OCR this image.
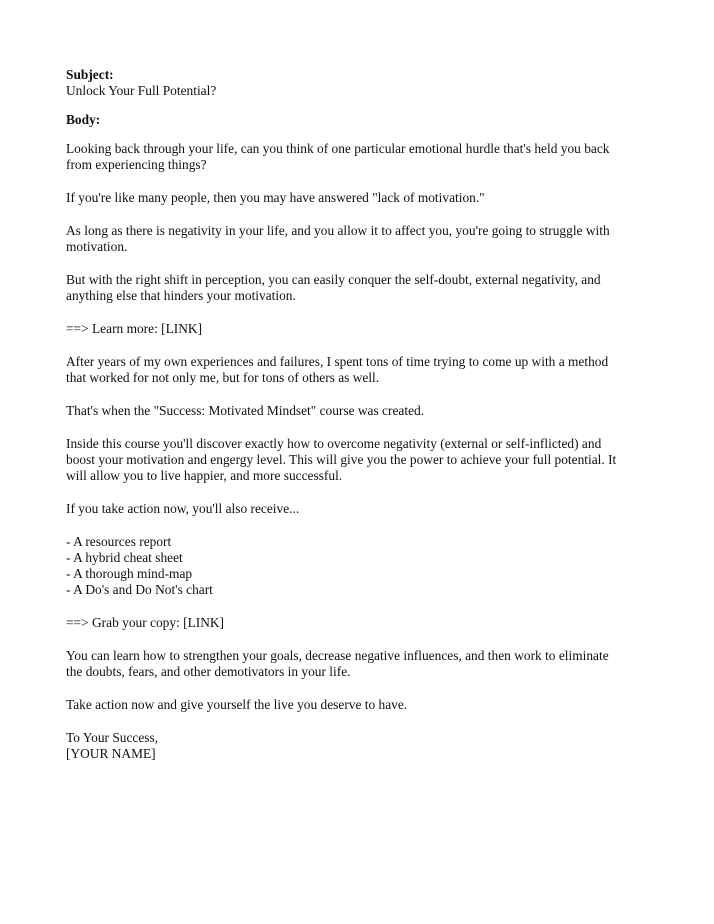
Subject:
Unlock Your Full Potential?
Body:
Looking back through your life, can you think of one particular emotional hurdle that's held you back
from experiencing things?
If you're like many people, then you may have answered "lack of motivation."
As long as there is negativity in your life, and you allow it to affect you, you're going to struggle with
motivation.
But with the right shift in perception, you can easily conquer the self-doubt, external negativity, and
anything else that hinders your motivation.
==> Learn more: [LINK]
After years of my own experiences and failures, I spent tons of time trying to come up with a method
that worked for not only me, but for tons of others as well.
That's when the "Success: Motivated Mindset" course was created.
Inside this course you'll discover exactly how to overcome negativity (external or self-inflicted) and
boost your motivation and engergy level. This will give you the power to achieve your full potential. It
will allow you to live happier, and more successful.
If you take action now, you'll also receive...
- A resources report
- A hybrid cheat sheet
- A thorough mind-map
- A Do's and Do Not's chart
==> Grab your copy: [LINK]
You can learn how to strengthen your goals, decrease negative influences, and then work to eliminate
the doubts, fears, and other demotivators in your life.
Take action now and give yourself the live you deserve to have.
To Your Success,
[YOUR NAME]
